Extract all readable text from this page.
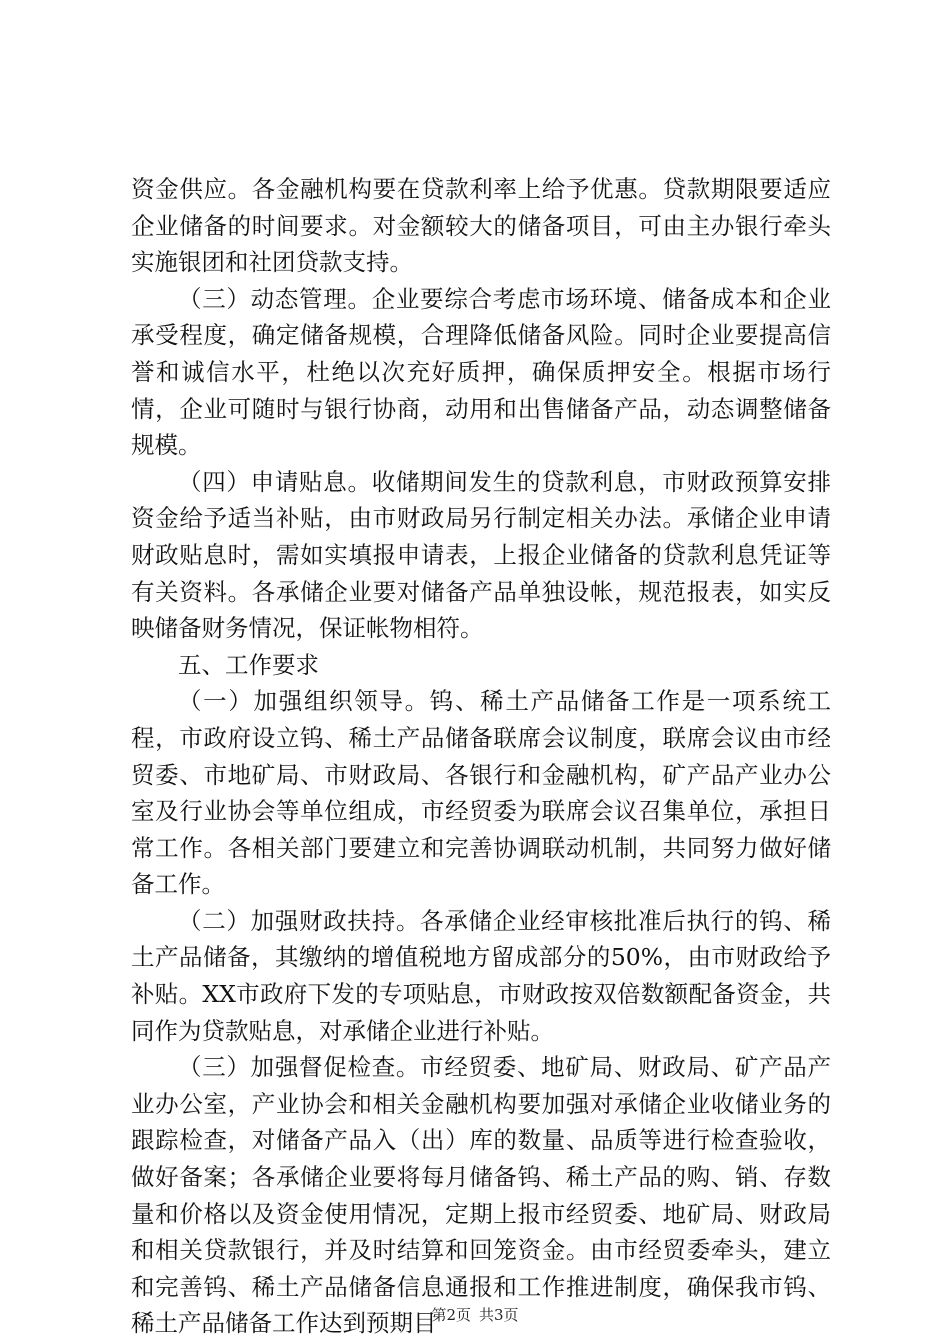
资金供应。各金融机构要在贷款利率上给予优惠。贷款期限要适应企业储备的时间要求。对金额较大的储备项目，可由主办银行牵头实施银团和社团贷款支持。

（三）动态管理。企业要综合考虑市场环境、储备成本和企业承受程度，确定储备规模，合理降低储备风险。同时企业要提高信誉和诚信水平，杜绝以次充好质押，确保质押安全。根据市场行情，企业可随时与银行协商，动用和出售储备产品，动态调整储备规模。

（四）申请贴息。收储期间发生的贷款利息，市财政预算安排资金给予适当补贴，由市财政局另行制定相关办法。承储企业申请财政贴息时，需如实填报申请表，上报企业储备的贷款利息凭证等有关资料。各承储企业要对储备产品单独设帐，规范报表，如实反映储备财务情况，保证帐物相符。

五、工作要求

（一）加强组织领导。钨、稀土产品储备工作是一项系统工程，市政府设立钨、稀土产品储备联席会议制度，联席会议由市经贸委、市地矿局、市财政局、各银行和金融机构，矿产品产业办公室及行业协会等单位组成，市经贸委为联席会议召集单位，承担日常工作。各相关部门要建立和完善协调联动机制，共同努力做好储备工作。

（二）加强财政扶持。各承储企业经审核批准后执行的钨、稀土产品储备，其缴纳的增值税地方留成部分的50%，由市财政给予补贴。XX市政府下发的专项贴息，市财政按双倍数额配备资金，共同作为贷款贴息，对承储企业进行补贴。

（三）加强督促检查。市经贸委、地矿局、财政局、矿产品产业办公室，产业协会和相关金融机构要加强对承储企业收储业务的跟踪检查，对储备产品入（出）库的数量、品质等进行检查验收，做好备案；各承储企业要将每月储备钨、稀土产品的购、销、存数量和价格以及资金使用情况，定期上报市经贸委、地矿局、财政局和相关贷款银行，并及时结算和回笼资金。由市经贸委牵头，建立和完善钨、稀土产品储备信息通报和工作推进制度，确保我市钨、稀土产品储备工作达到预期目

第2页 共3页
